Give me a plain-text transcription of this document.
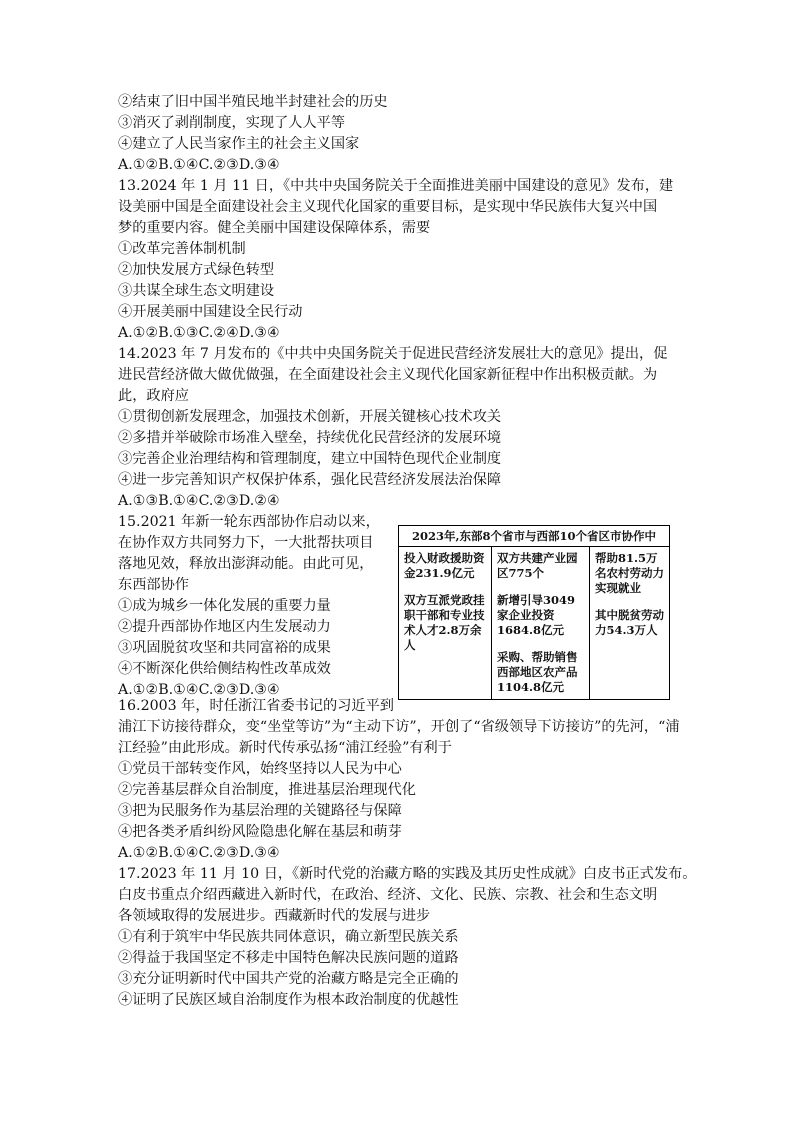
②结束了旧中国半殖民地半封建社会的历史
③消灭了剥削制度，实现了人人平等
④建立了人民当家作主的社会主义国家
A.①②B.①④C.②③D.③④
13.2024 年 1 月 11 日，《中共中央国务院关于全面推进美丽中国建设的意见》发布，建
设美丽中国是全面建设社会主义现代化国家的重要目标，是实现中华民族伟大复兴中国
梦的重要内容。健全美丽中国建设保障体系，需要
①改革完善体制机制
②加快发展方式绿色转型
③共谋全球生态文明建设
④开展美丽中国建设全民行动
A.①②B.①③C.②④D.③④
14.2023 年 7 月发布的《中共中央国务院关于促进民营经济发展壮大的意见》提出，促
进民营经济做大做优做强，在全面建设社会主义现代化国家新征程中作出积极贡献。为
此，政府应
①贯彻创新发展理念，加强技术创新，开展关键核心技术攻关
②多措并举破除市场准入壁垒，持续优化民营经济的发展环境
③完善企业治理结构和管理制度，建立中国特色现代企业制度
④进一步完善知识产权保护体系，强化民营经济发展法治保障
A.①③B.①④C.②③D.②④
15.2021 年新一轮东西部协作启动以来，
在协作双方共同努力下，一大批帮扶项目
落地见效，释放出澎湃动能。由此可见，
东西部协作
①成为城乡一体化发展的重要力量
②提升西部协作地区内生发展动力
③巩固脱贫攻坚和共同富裕的成果
④不断深化供给侧结构性改革成效
A.①②B.①④C.②③D.③④
2023年,东部8个省市与西部10个省区市协作中

投入财政援助资金231.9亿元

双方互派党政挂职干部和专业技术人才2.8万余人

双方共建产业园区775个

新增引导3049家企业投资1684.8亿元

采购、帮助销售西部地区农产品1104.8亿元

帮助81.5万名农村劳动力实现就业

其中脱贫劳动力54.3万人

16.2003 年，时任浙江省委书记的习近平到
浦江下访接待群众，变“坐堂等访”为“主动下访”，开创了“省级领导下访接访”的先河，“浦
江经验”由此形成。新时代传承弘扬“浦江经验”有利于
①党员干部转变作风，始终坚持以人民为中心
②完善基层群众自治制度，推进基层治理现代化
③把为民服务作为基层治理的关键路径与保障
④把各类矛盾纠纷风险隐患化解在基层和萌芽
A.①②B.①④C.②③D.③④
17.2023 年 11 月 10 日，《新时代党的治藏方略的实践及其历史性成就》白皮书正式发布。
白皮书重点介绍西藏进入新时代，在政治、经济、文化、民族、宗教、社会和生态文明
各领域取得的发展进步。西藏新时代的发展与进步
①有利于筑牢中华民族共同体意识，确立新型民族关系
②得益于我国坚定不移走中国特色解决民族问题的道路
③充分证明新时代中国共产党的治藏方略是完全正确的
④证明了民族区域自治制度作为根本政治制度的优越性
